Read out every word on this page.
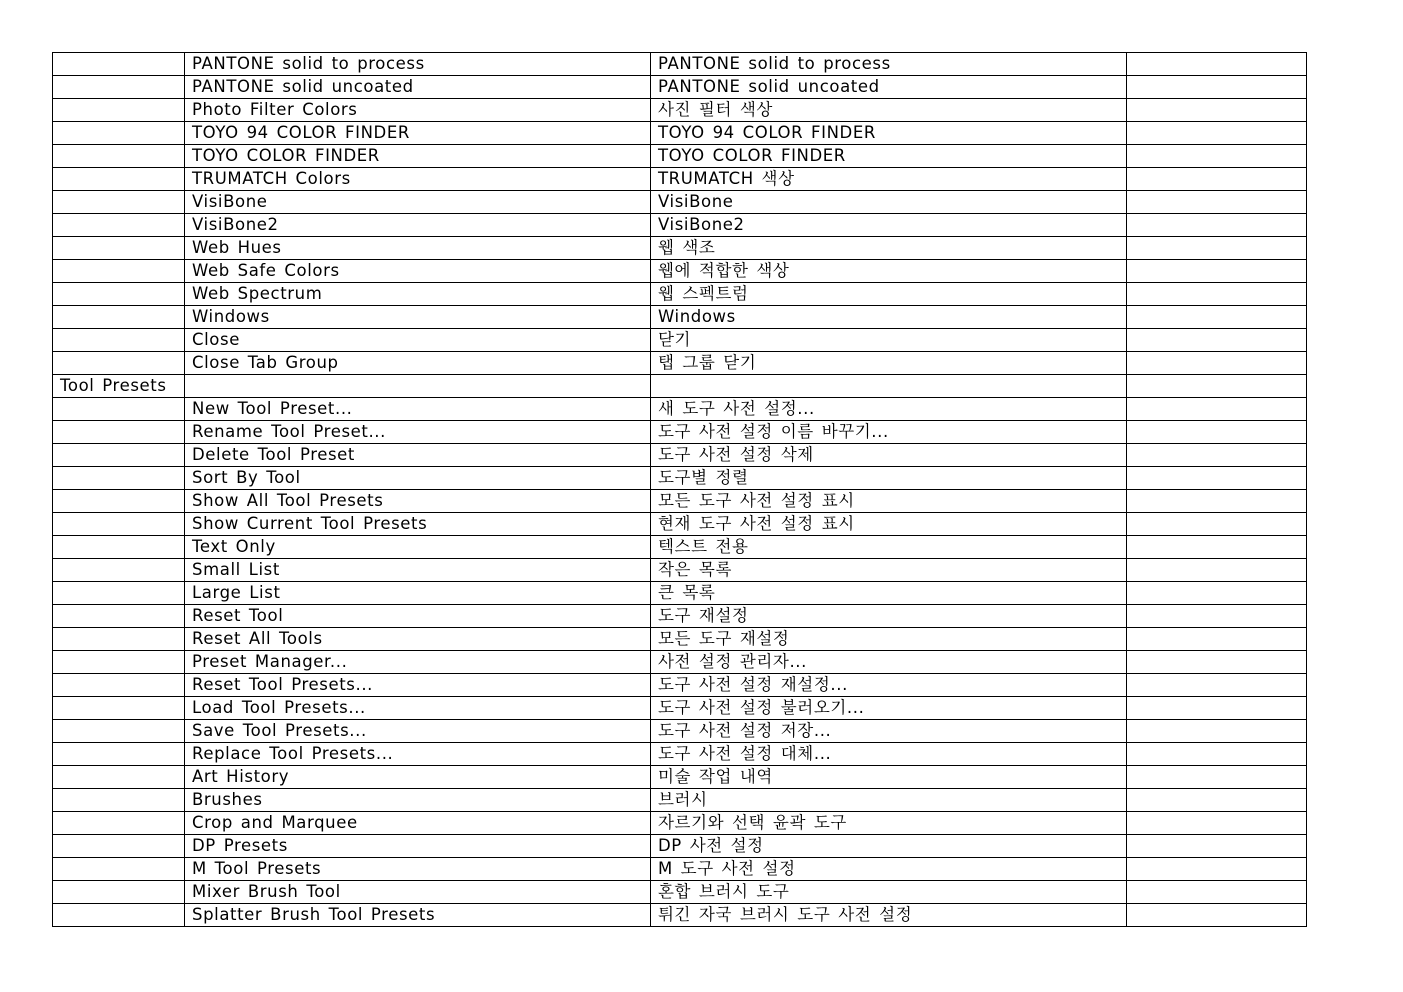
	PANTONE solid to process	PANTONE solid to process	
	PANTONE solid uncoated	PANTONE solid uncoated	
	Photo Filter Colors	사진 필터 색상	
	TOYO 94 COLOR FINDER	TOYO 94 COLOR FINDER	
	TOYO COLOR FINDER	TOYO COLOR FINDER	
	TRUMATCH Colors	TRUMATCH 색상	
	VisiBone	VisiBone	
	VisiBone2	VisiBone2	
	Web Hues	웹 색조	
	Web Safe Colors	웹에 적합한 색상	
	Web Spectrum	웹 스펙트럼	
	Windows	Windows	
	Close	닫기	
	Close Tab Group	탭 그룹 닫기	
Tool Presets			
	New Tool Preset...	새 도구 사전 설정...	
	Rename Tool Preset...	도구 사전 설정 이름 바꾸기...	
	Delete Tool Preset	도구 사전 설정 삭제	
	Sort By Tool	도구별 정렬	
	Show All Tool Presets	모든 도구 사전 설정 표시	
	Show Current Tool Presets	현재 도구 사전 설정 표시	
	Text Only	텍스트 전용	
	Small List	작은 목록	
	Large List	큰 목록	
	Reset Tool	도구 재설정	
	Reset All Tools	모든 도구 재설정	
	Preset Manager...	사전 설정 관리자...	
	Reset Tool Presets...	도구 사전 설정 재설정...	
	Load Tool Presets...	도구 사전 설정 불러오기...	
	Save Tool Presets...	도구 사전 설정 저장...	
	Replace Tool Presets...	도구 사전 설정 대체...	
	Art History	미술 작업 내역	
	Brushes	브러시	
	Crop and Marquee	자르기와 선택 윤곽 도구	
	DP Presets	DP 사전 설정	
	M Tool Presets	M 도구 사전 설정	
	Mixer Brush Tool	혼합 브러시 도구	
	Splatter Brush Tool Presets	튀긴 자국 브러시 도구 사전 설정	
